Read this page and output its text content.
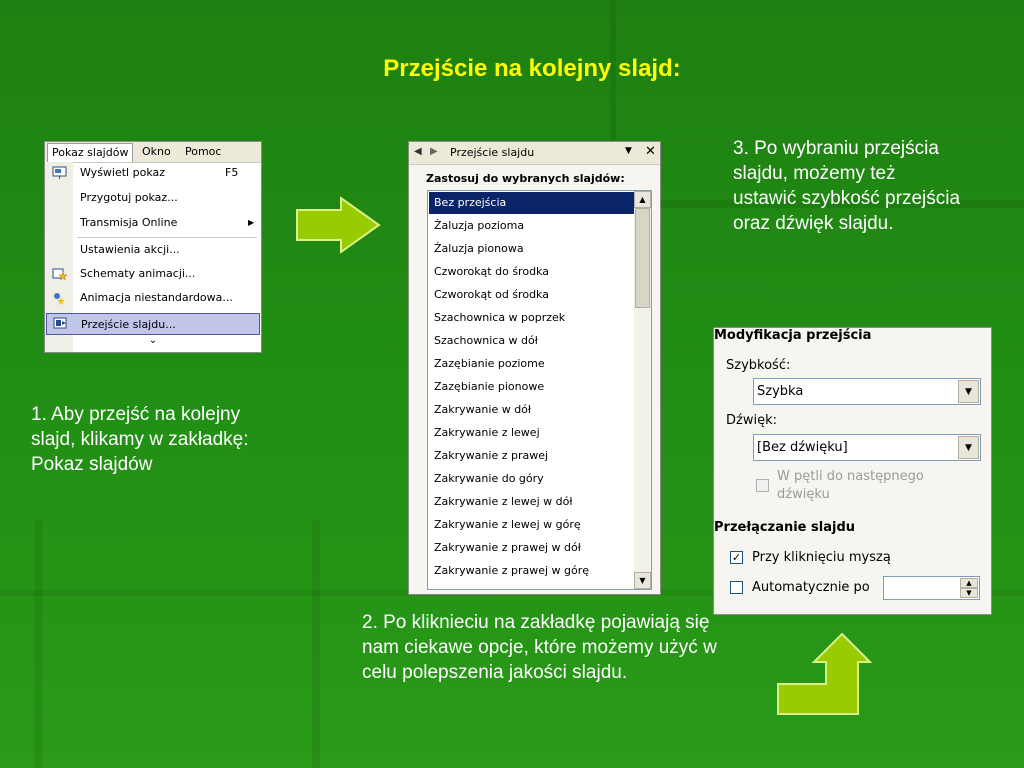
Przejście na kolejny slajd:
1. Aby przejść na kolejny slajd, klikamy w zakładkę: Pokaz slajdów
2. Po kliknieciu na zakładkę pojawiają się nam ciekawe opcje, które możemy użyć w celu polepszenia jakości slajdu.
3. Po wybraniu przejścia slajdu, możemy też ustawić szybkość przejścia oraz dźwięk slajdu.
Pokaz slajdów	Okno Pomoc
Wyświetl pokaz	F5
Przygotuj pokaz...
Transmisja Online	▶
Ustawienia akcji...
Schematy animacji...
Animacja niestandardowa...
Przejście slajdu...
⌄
◀ ▶ Przejście slajdu	▼ ✕
Zastosuj do wybranych slajdów:
Bez przejścia
Żaluzja pozioma
Żaluzja pionowa
Czworokąt do środka
Czworokąt od środka
Szachownica w poprzek
Szachownica w dół
Zazębianie poziome
Zazębianie pionowe
Zakrywanie w dół
Zakrywanie z lewej
Zakrywanie z prawej
Zakrywanie do góry
Zakrywanie z lewej w dół
Zakrywanie z lewej w górę
Zakrywanie z prawej w dół
Zakrywanie z prawej w górę
▲
▼
Modyfikacja przejścia
Szybkość:
Szybka	▼
Dźwięk:
[Bez dźwięku]	▼
W pętli do następnego
dźwięku
Przełączanie slajdu
✓ Przy kliknięciu myszą
Automatycznie po	▲
▼
